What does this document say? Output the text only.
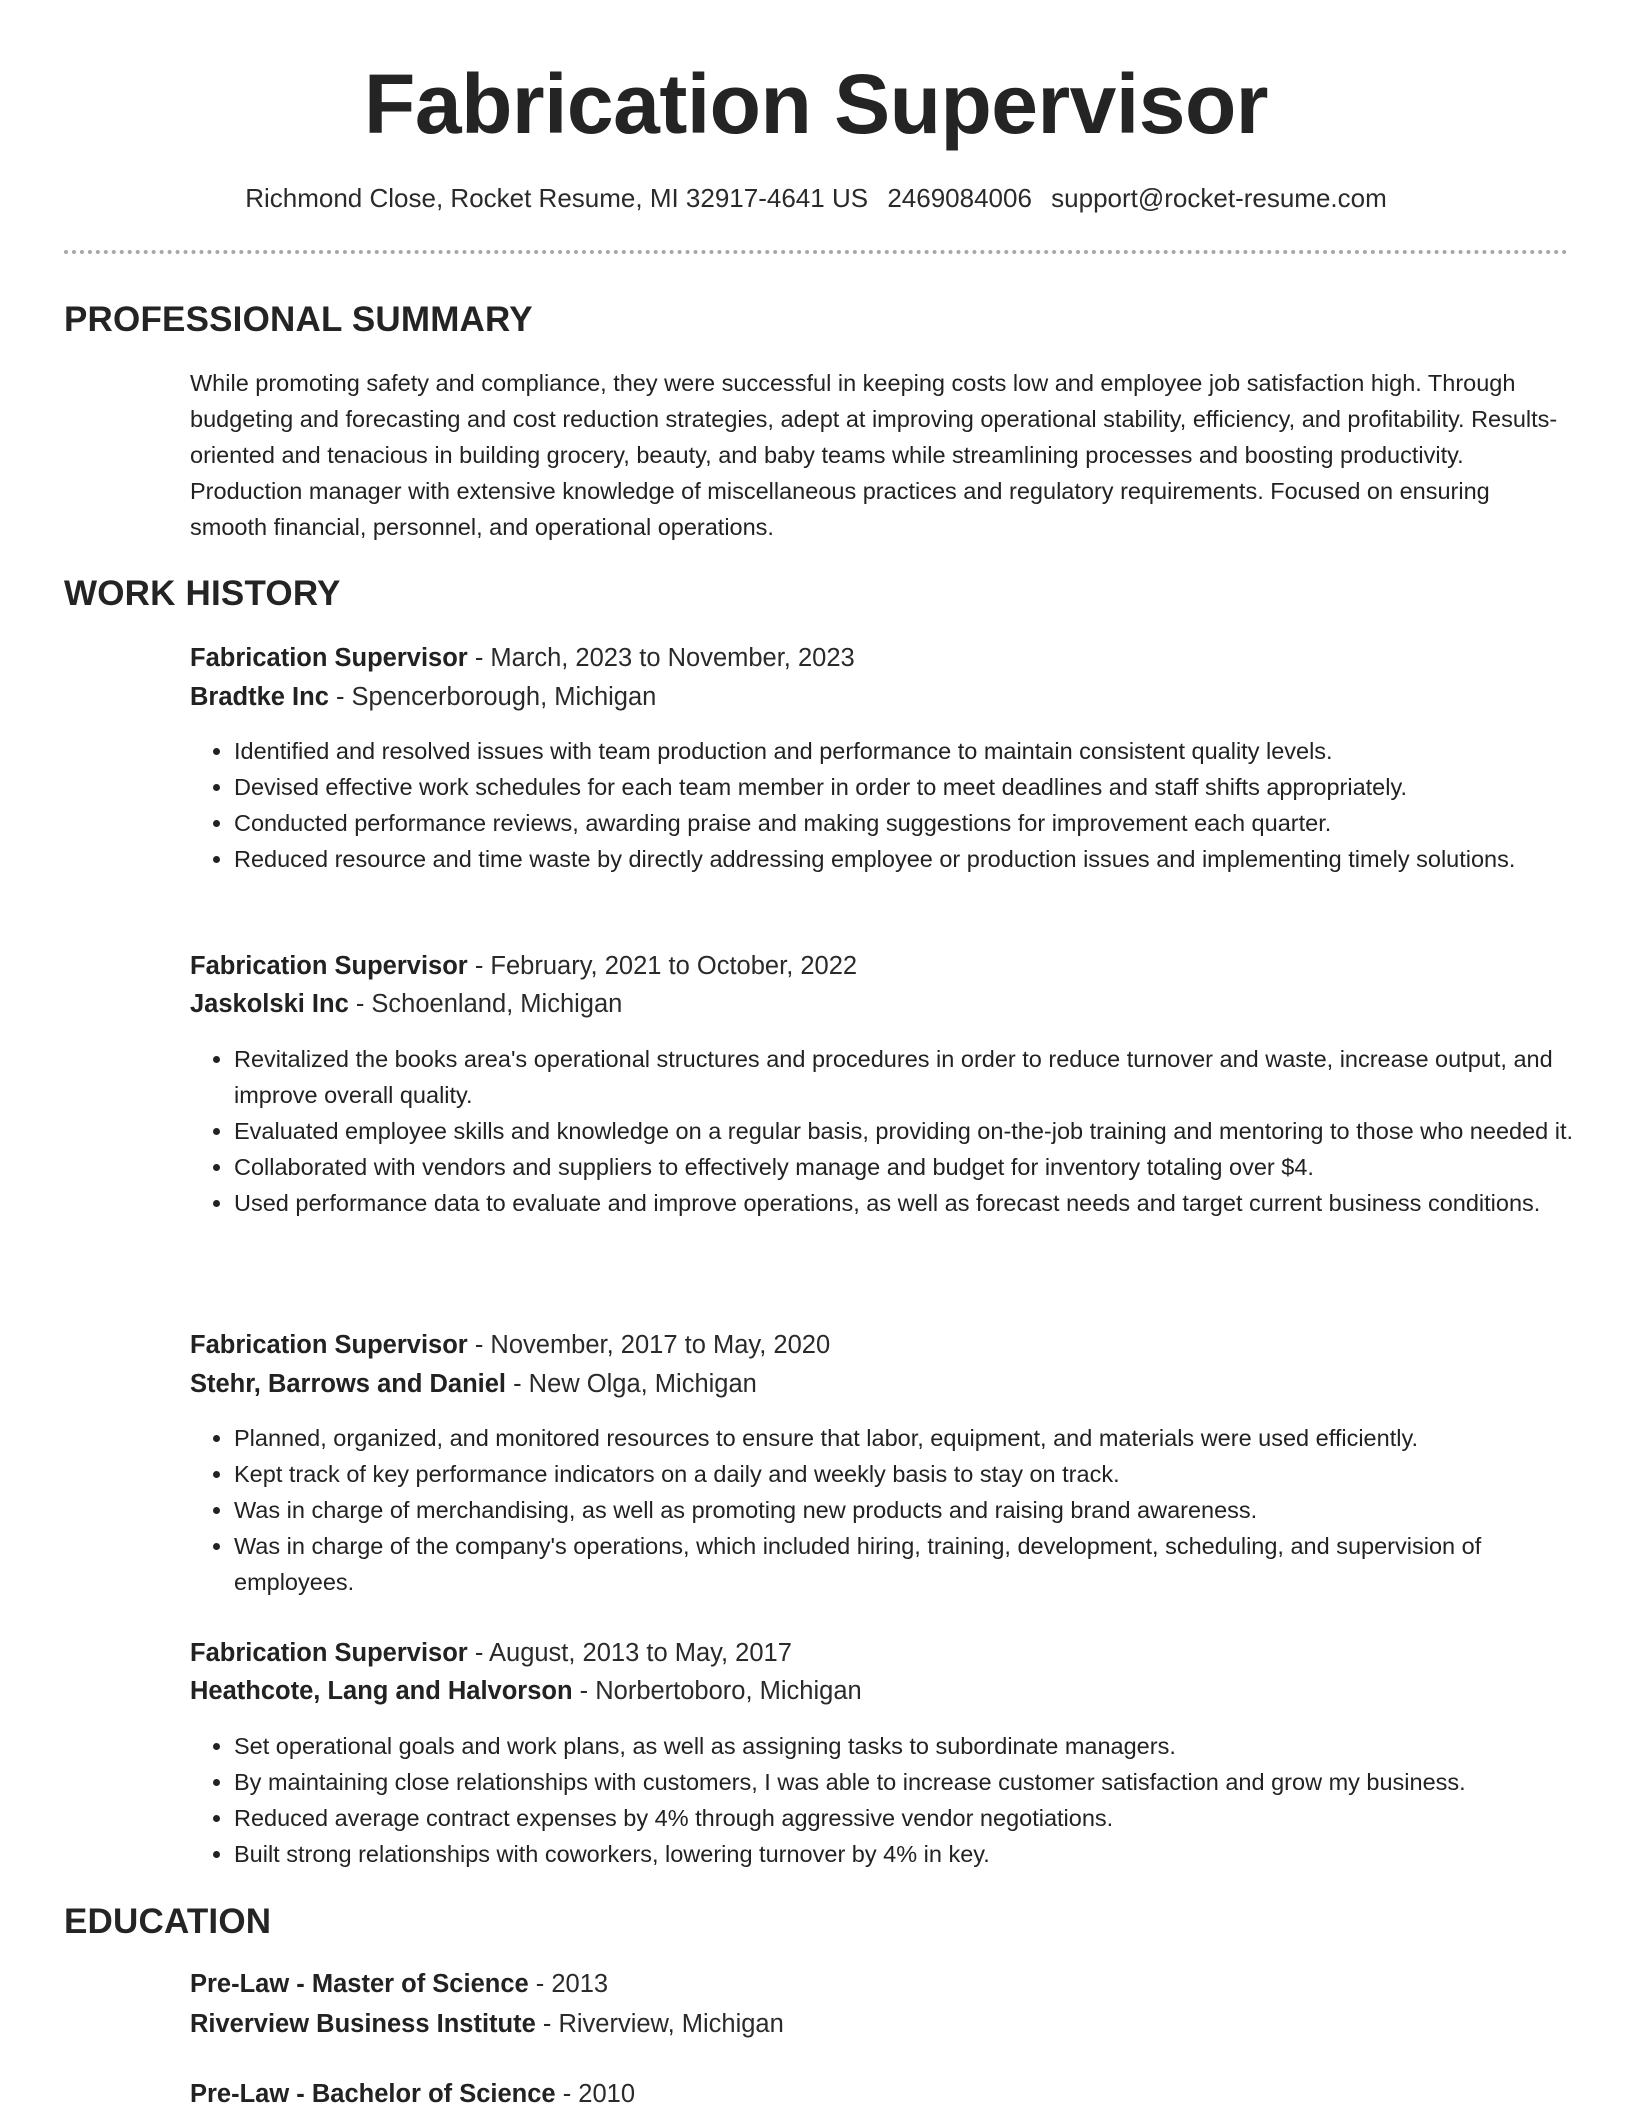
Fabrication Supervisor
Richmond Close, Rocket Resume, MI 32917-4641 US 2469084006 support@rocket-resume.com
PROFESSIONAL SUMMARY

While promoting safety and compliance, they were successful in keeping costs low and employee job satisfaction high. Through budgeting and forecasting and cost reduction strategies, adept at improving operational stability, efficiency, and profitability. Results-oriented and tenacious in building grocery, beauty, and baby teams while streamlining processes and boosting productivity. Production manager with extensive knowledge of miscellaneous practices and regulatory requirements. Focused on ensuring smooth financial, personnel, and operational operations.

WORK HISTORY
Fabrication Supervisor - March, 2023 to November, 2023
Bradtke Inc - Spencerborough, Michigan
• Identified and resolved issues with team production and performance to maintain consistent quality levels.
• Devised effective work schedules for each team member in order to meet deadlines and staff shifts appropriately.
• Conducted performance reviews, awarding praise and making suggestions for improvement each quarter.
• Reduced resource and time waste by directly addressing employee or production issues and implementing timely solutions.
Fabrication Supervisor - February, 2021 to October, 2022
Jaskolski Inc - Schoenland, Michigan
• Revitalized the books area's operational structures and procedures in order to reduce turnover and waste, increase output, and improve overall quality.
• Evaluated employee skills and knowledge on a regular basis, providing on-the-job training and mentoring to those who needed it.
• Collaborated with vendors and suppliers to effectively manage and budget for inventory totaling over $4.
• Used performance data to evaluate and improve operations, as well as forecast needs and target current business conditions.
Fabrication Supervisor - November, 2017 to May, 2020
Stehr, Barrows and Daniel - New Olga, Michigan
• Planned, organized, and monitored resources to ensure that labor, equipment, and materials were used efficiently.
• Kept track of key performance indicators on a daily and weekly basis to stay on track.
• Was in charge of merchandising, as well as promoting new products and raising brand awareness.
• Was in charge of the company's operations, which included hiring, training, development, scheduling, and supervision of employees.
Fabrication Supervisor - August, 2013 to May, 2017
Heathcote, Lang and Halvorson - Norbertoboro, Michigan
• Set operational goals and work plans, as well as assigning tasks to subordinate managers.
• By maintaining close relationships with customers, I was able to increase customer satisfaction and grow my business.
• Reduced average contract expenses by 4% through aggressive vendor negotiations.
• Built strong relationships with coworkers, lowering turnover by 4% in key.
EDUCATION
Pre-Law - Master of Science - 2013
Riverview Business Institute - Riverview, Michigan
Pre-Law - Bachelor of Science - 2010
